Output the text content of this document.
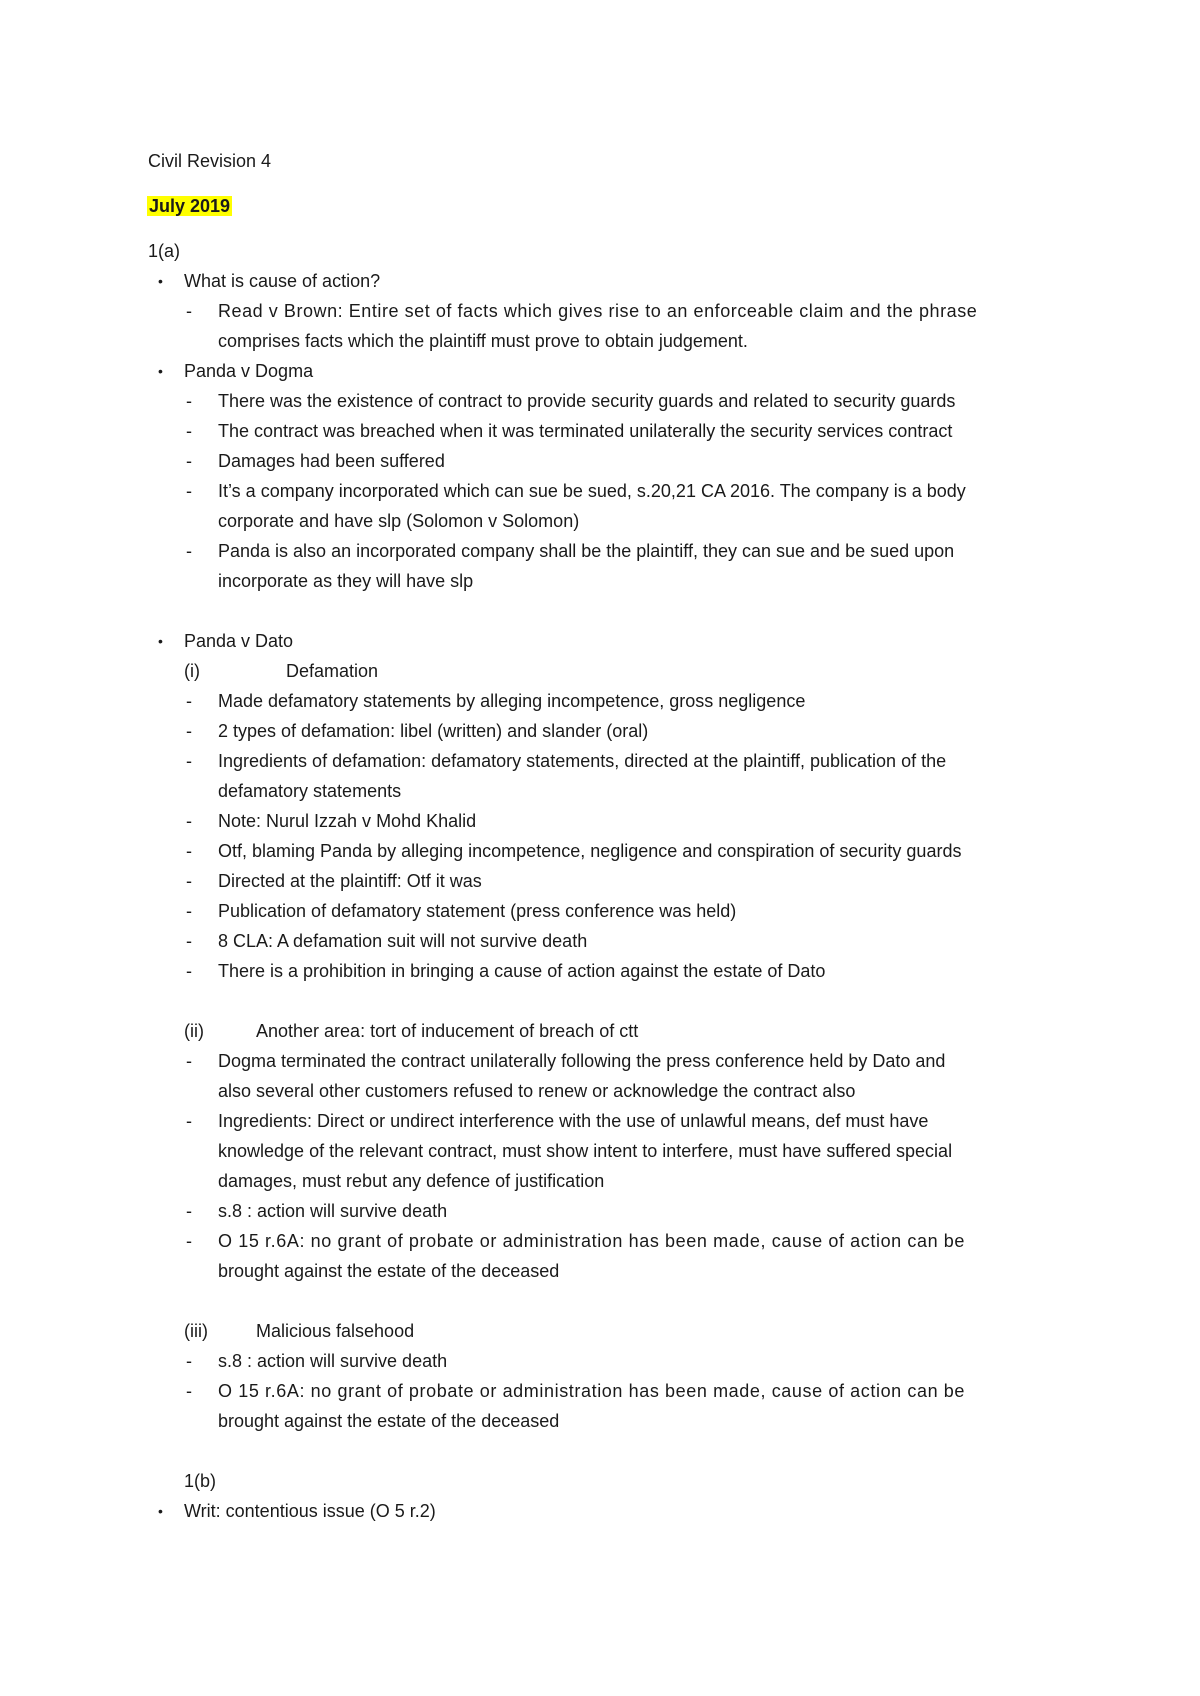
Civil Revision 4
July 2019
1(a)
• What is cause of action?
- Read v Brown: Entire set of facts which gives rise to an enforceable claim and the phrase
comprises facts which the plaintiff must prove to obtain judgement.
• Panda v Dogma
- There was the existence of contract to provide security guards and related to security guards
- The contract was breached when it was terminated unilaterally the security services contract
- Damages had been suffered
- It’s a company incorporated which can sue be sued, s.20,21 CA 2016. The company is a body
corporate and have slp (Solomon v Solomon)
- Panda is also an incorporated company shall be the plaintiff, they can sue and be sued upon
incorporate as they will have slp
• Panda v Dato
(i)	Defamation
- Made defamatory statements by alleging incompetence, gross negligence
- 2 types of defamation: libel (written) and slander (oral)
- Ingredients of defamation: defamatory statements, directed at the plaintiff, publication of the
defamatory statements
- Note: Nurul Izzah v Mohd Khalid
- Otf, blaming Panda by alleging incompetence, negligence and conspiration of security guards
- Directed at the plaintiff: Otf it was
- Publication of defamatory statement (press conference was held)
- 8 CLA: A defamation suit will not survive death
- There is a prohibition in bringing a cause of action against the estate of Dato
(ii)	Another area: tort of inducement of breach of ctt
- Dogma terminated the contract unilaterally following the press conference held by Dato and
also several other customers refused to renew or acknowledge the contract also
- Ingredients: Direct or undirect interference with the use of unlawful means, def must have
knowledge of the relevant contract, must show intent to interfere, must have suffered special
damages, must rebut any defence of justification
- s.8 : action will survive death
- O 15 r.6A: no grant of probate or administration has been made, cause of action can be
brought against the estate of the deceased
(iii)	Malicious falsehood
- s.8 : action will survive death
- O 15 r.6A: no grant of probate or administration has been made, cause of action can be
brought against the estate of the deceased
1(b)
• Writ: contentious issue (O 5 r.2)
